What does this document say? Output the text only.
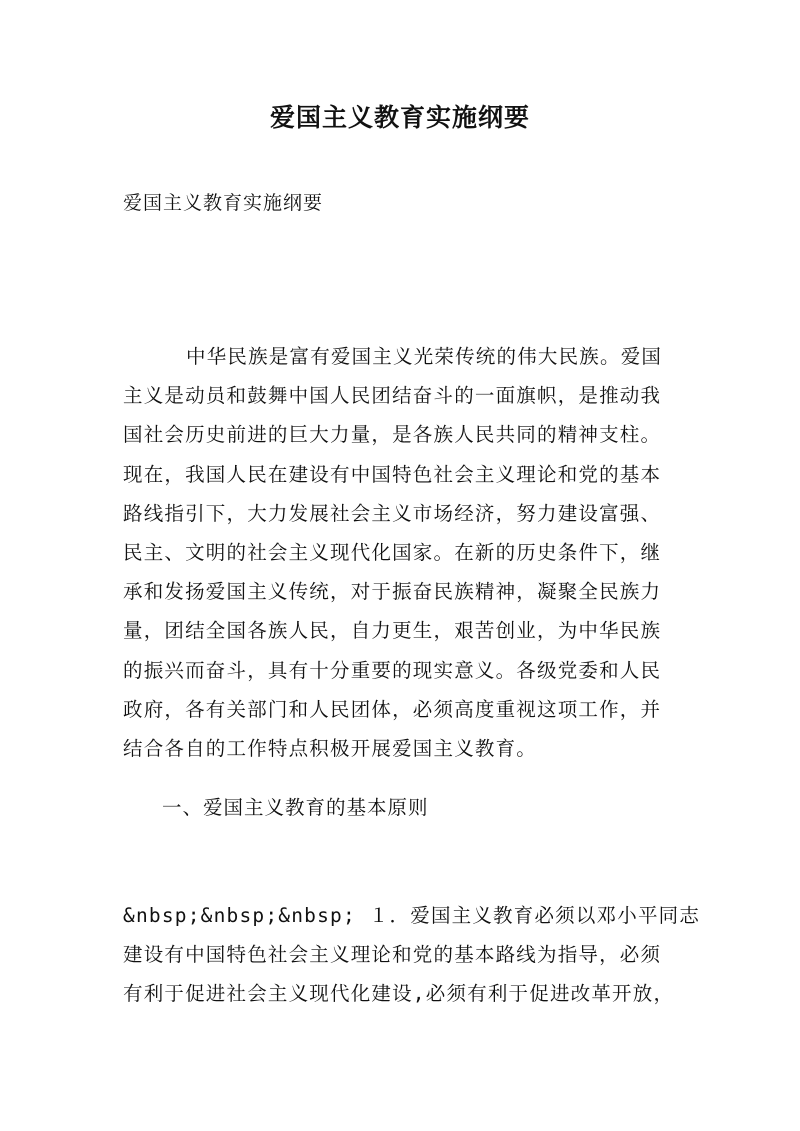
爱国主义教育实施纲要

爱国主义教育实施纲要

中华民族是富有爱国主义光荣传统的伟大民族。爱国
主义是动员和鼓舞中国人民团结奋斗的一面旗帜，是推动我
国社会历史前进的巨大力量，是各族人民共同的精神支柱。
现在，我国人民在建设有中国特色社会主义理论和党的基本
路线指引下，大力发展社会主义市场经济，努力建设富强、
民主、文明的社会主义现代化国家。在新的历史条件下，继
承和发扬爱国主义传统，对于振奋民族精神，凝聚全民族力
量，团结全国各族人民，自力更生，艰苦创业，为中华民族
的振兴而奋斗，具有十分重要的现实意义。各级党委和人民
政府，各有关部门和人民团体，必须高度重视这项工作，并
结合各自的工作特点积极开展爱国主义教育。

一、爱国主义教育的基本原则

&nbsp;&nbsp;&nbsp; １．爱国主义教育必须以邓小平同志
建设有中国特色社会主义理论和党的基本路线为指导，必须
有利于促进社会主义现代化建设,必须有利于促进改革开放，
